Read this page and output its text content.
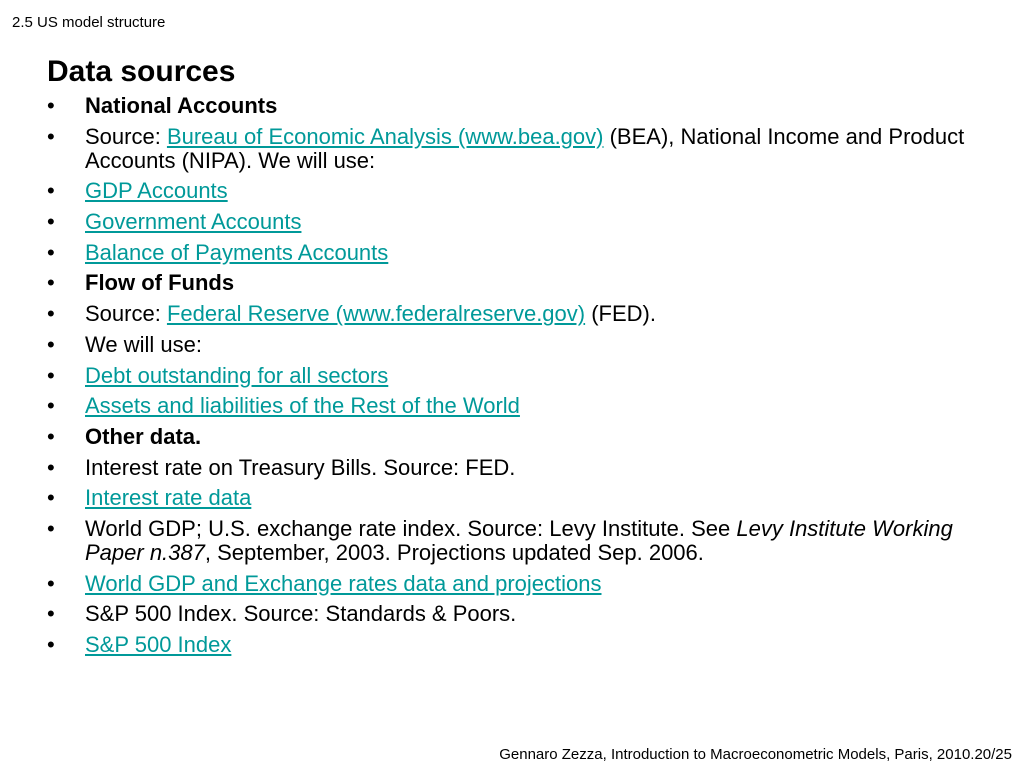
2.5 US model structure
Data sources
•	National Accounts
•	Source: Bureau of Economic Analysis (www.bea.gov) (BEA), National Income and Product Accounts (NIPA). We will use:
•	GDP Accounts
•	Government Accounts
•	Balance of Payments Accounts
•	Flow of Funds
•	Source: Federal Reserve (www.federalreserve.gov) (FED).
•	We will use:
•	Debt outstanding for all sectors
•	Assets and liabilities of the Rest of the World
•	Other data.
•	Interest rate on Treasury Bills. Source: FED.
•	Interest rate data
•	World GDP; U.S. exchange rate index. Source: Levy Institute. See Levy Institute Working Paper n.387, September, 2003. Projections updated Sep. 2006.
•	World GDP and Exchange rates data and projections
•	S&P 500 Index. Source: Standards & Poors.
•	S&P 500 Index
Gennaro Zezza, Introduction to Macroeconometric Models, Paris, 2010.20/25
